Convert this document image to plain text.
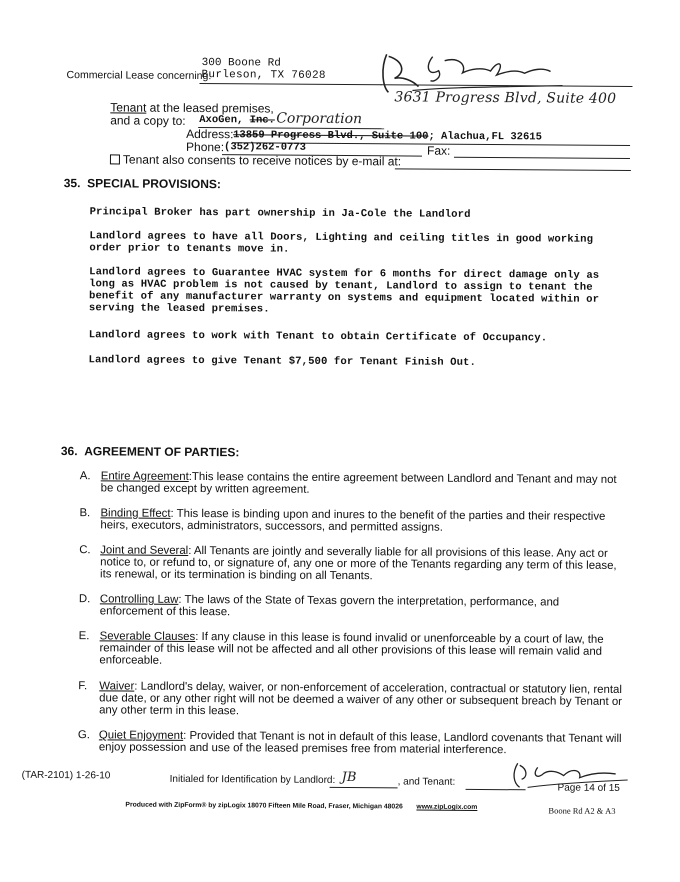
300 Boone Rd
Commercial Lease concerning:
Burleson, TX 76028
3631 Progress Blvd, Suite 400
Tenant at the leased premises,
and a copy to: AxoGen, Inc. Corporation
Address: 13859 Progress Blvd., Suite 100; Alachua,FL 32615
Phone: (352)262-0773	Fax:
Tenant also consents to receive notices by e-mail at:
35. SPECIAL PROVISIONS:
Principal Broker has part ownership in Ja-Cole the Landlord
Landlord agrees to have all Doors, Lighting and ceiling titles in good working order prior to tenants move in.
Landlord agrees to Guarantee HVAC system for 6 months for direct damage only as long as HVAC problem is not caused by tenant, Landlord to assign to tenant the benefit of any manufacturer warranty on systems and equipment located within or serving the leased premises.
Landlord agrees to work with Tenant to obtain Certificate of Occupancy.
Landlord agrees to give Tenant $7,500 for Tenant Finish Out.
36. AGREEMENT OF PARTIES:
A. Entire Agreement:This lease contains the entire agreement between Landlord and Tenant and may not be changed except by written agreement.
B. Binding Effect: This lease is binding upon and inures to the benefit of the parties and their respective heirs, executors, administrators, successors, and permitted assigns.
C. Joint and Several: All Tenants are jointly and severally liable for all provisions of this lease. Any act or notice to, or refund to, or signature of, any one or more of the Tenants regarding any term of this lease, its renewal, or its termination is binding on all Tenants.
D. Controlling Law: The laws of the State of Texas govern the interpretation, performance, and enforcement of this lease.
E. Severable Clauses: If any clause in this lease is found invalid or unenforceable by a court of law, the remainder of this lease will not be affected and all other provisions of this lease will remain valid and enforceable.
F. Waiver: Landlord's delay, waiver, or non-enforcement of acceleration, contractual or statutory lien, rental due date, or any other right will not be deemed a waiver of any other or subsequent breach by Tenant or any other term in this lease.
G. Quiet Enjoyment: Provided that Tenant is not in default of this lease, Landlord covenants that Tenant will enjoy possession and use of the leased premises free from material interference.
(TAR-2101) 1-26-10	Initialed for Identification by Landlord: JB	, and Tenant:
Page 14 of 15
Produced with ZipForm® by zipLogix 18070 Fifteen Mile Road, Fraser, Michigan 48026 www.zipLogix.com	Boone Rd A2 & A3
